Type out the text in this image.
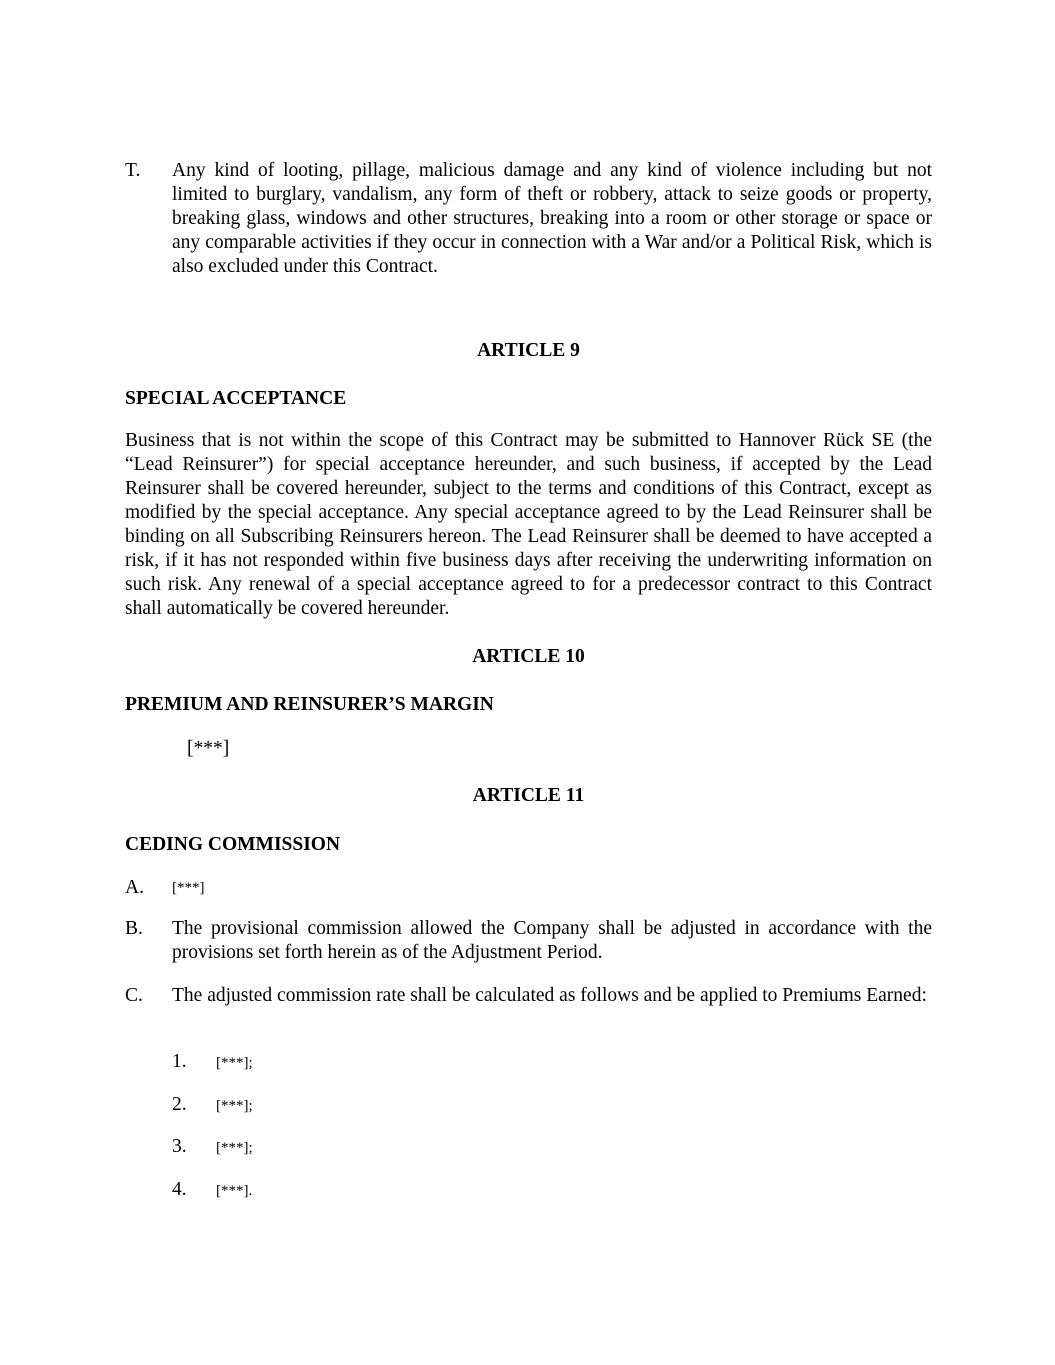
T. Any kind of looting, pillage, malicious damage and any kind of violence including but not limited to burglary, vandalism, any form of theft or robbery, attack to seize goods or property, breaking glass, windows and other structures, breaking into a room or other storage or space or any comparable activities if they occur in connection with a War and/or a Political Risk, which is also excluded under this Contract.
ARTICLE 9
SPECIAL ACCEPTANCE
Business that is not within the scope of this Contract may be submitted to Hannover Rück SE (the “Lead Reinsurer”) for special acceptance hereunder, and such business, if accepted by the Lead Reinsurer shall be covered hereunder, subject to the terms and conditions of this Contract, except as modified by the special acceptance. Any special acceptance agreed to by the Lead Reinsurer shall be binding on all Subscribing Reinsurers hereon. The Lead Reinsurer shall be deemed to have accepted a risk, if it has not responded within five business days after receiving the underwriting information on such risk. Any renewal of a special acceptance agreed to for a predecessor contract to this Contract shall automatically be covered hereunder.
ARTICLE 10
PREMIUM AND REINSURER’S MARGIN
[***]
ARTICLE 11
CEDING COMMISSION
A. [***]
B. The provisional commission allowed the Company shall be adjusted in accordance with the provisions set forth herein as of the Adjustment Period.
C. The adjusted commission rate shall be calculated as follows and be applied to Premiums Earned:
1. [***];
2. [***];
3. [***];
4. [***].
